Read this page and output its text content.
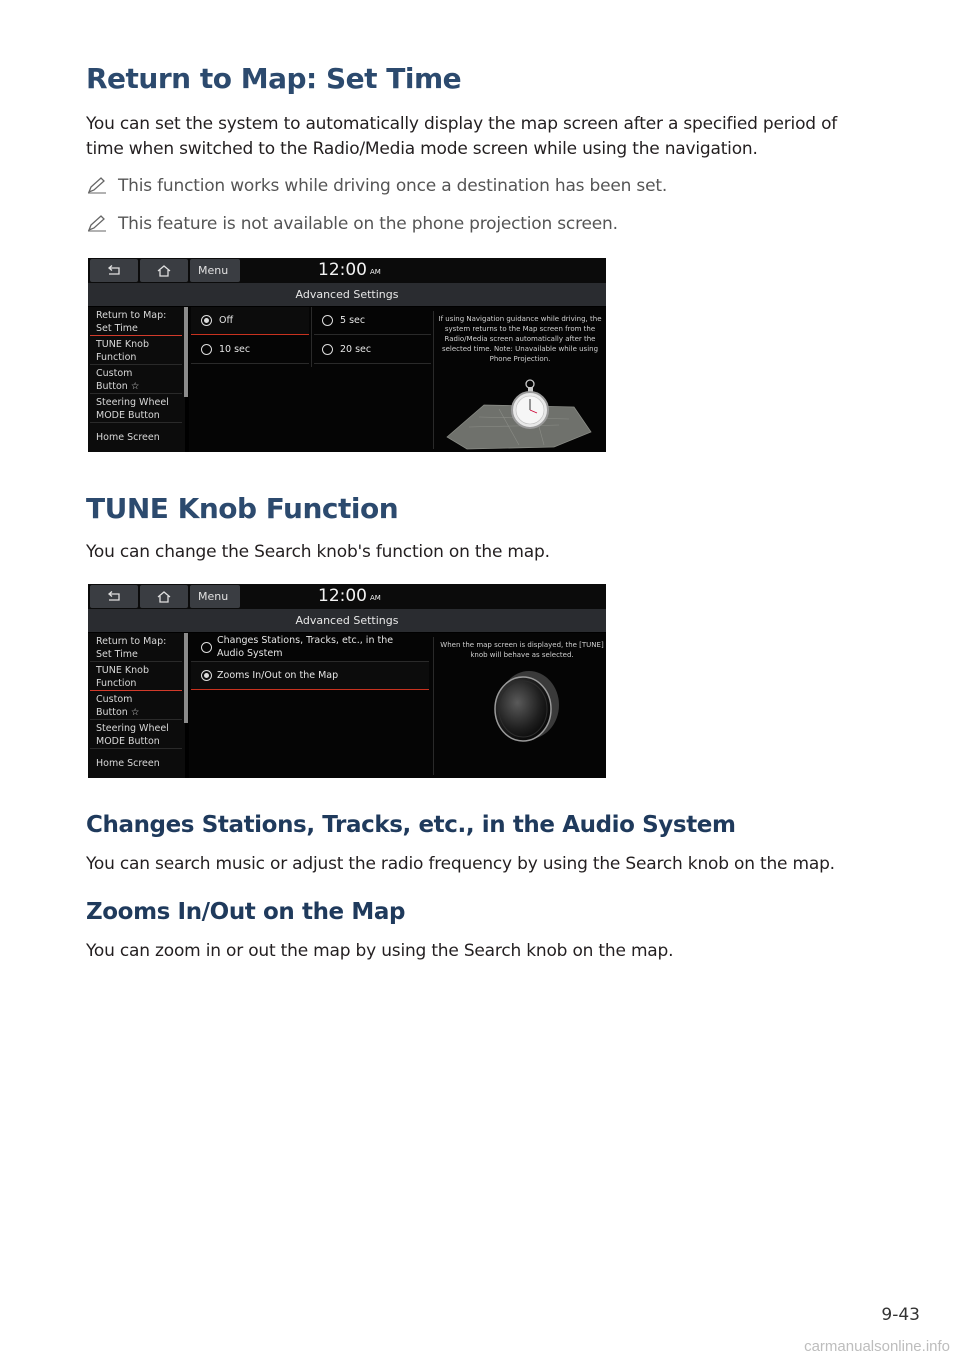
Return to Map: Set Time

You can set the system to automatically display the map screen after a specified period of time when switched to the Radio/Media mode screen while using the navigation.

This function works while driving once a destination has been set.
This feature is not available on the phone projection screen.
Menu	12:00 AM
Advanced Settings
Return to Map:
Set Time
TUNE Knob
Function
Custom
Button ☆
Steering Wheel
MODE Button
Home Screen
Off	5 sec
10 sec	20 sec
If using Navigation guidance while driving, the system returns to the Map screen from the Radio/Media screen automatically after the selected time. Note: Unavailable while using Phone Projection.
TUNE Knob Function

You can change the Search knob's function on the map.

Menu	12:00 AM
Advanced Settings
Return to Map:
Set Time
TUNE Knob
Function
Custom
Button ☆
Steering Wheel
MODE Button
Home Screen
Changes Stations, Tracks, etc., in the
Audio System
Zooms In/Out on the Map
When the map screen is displayed, the [TUNE] knob will behave as selected.
Changes Stations, Tracks, etc., in the Audio System

You can search music or adjust the radio frequency by using the Search knob on the map.

Zooms In/Out on the Map

You can zoom in or out the map by using the Search knob on the map.

9-43
carmanualsonline.info
